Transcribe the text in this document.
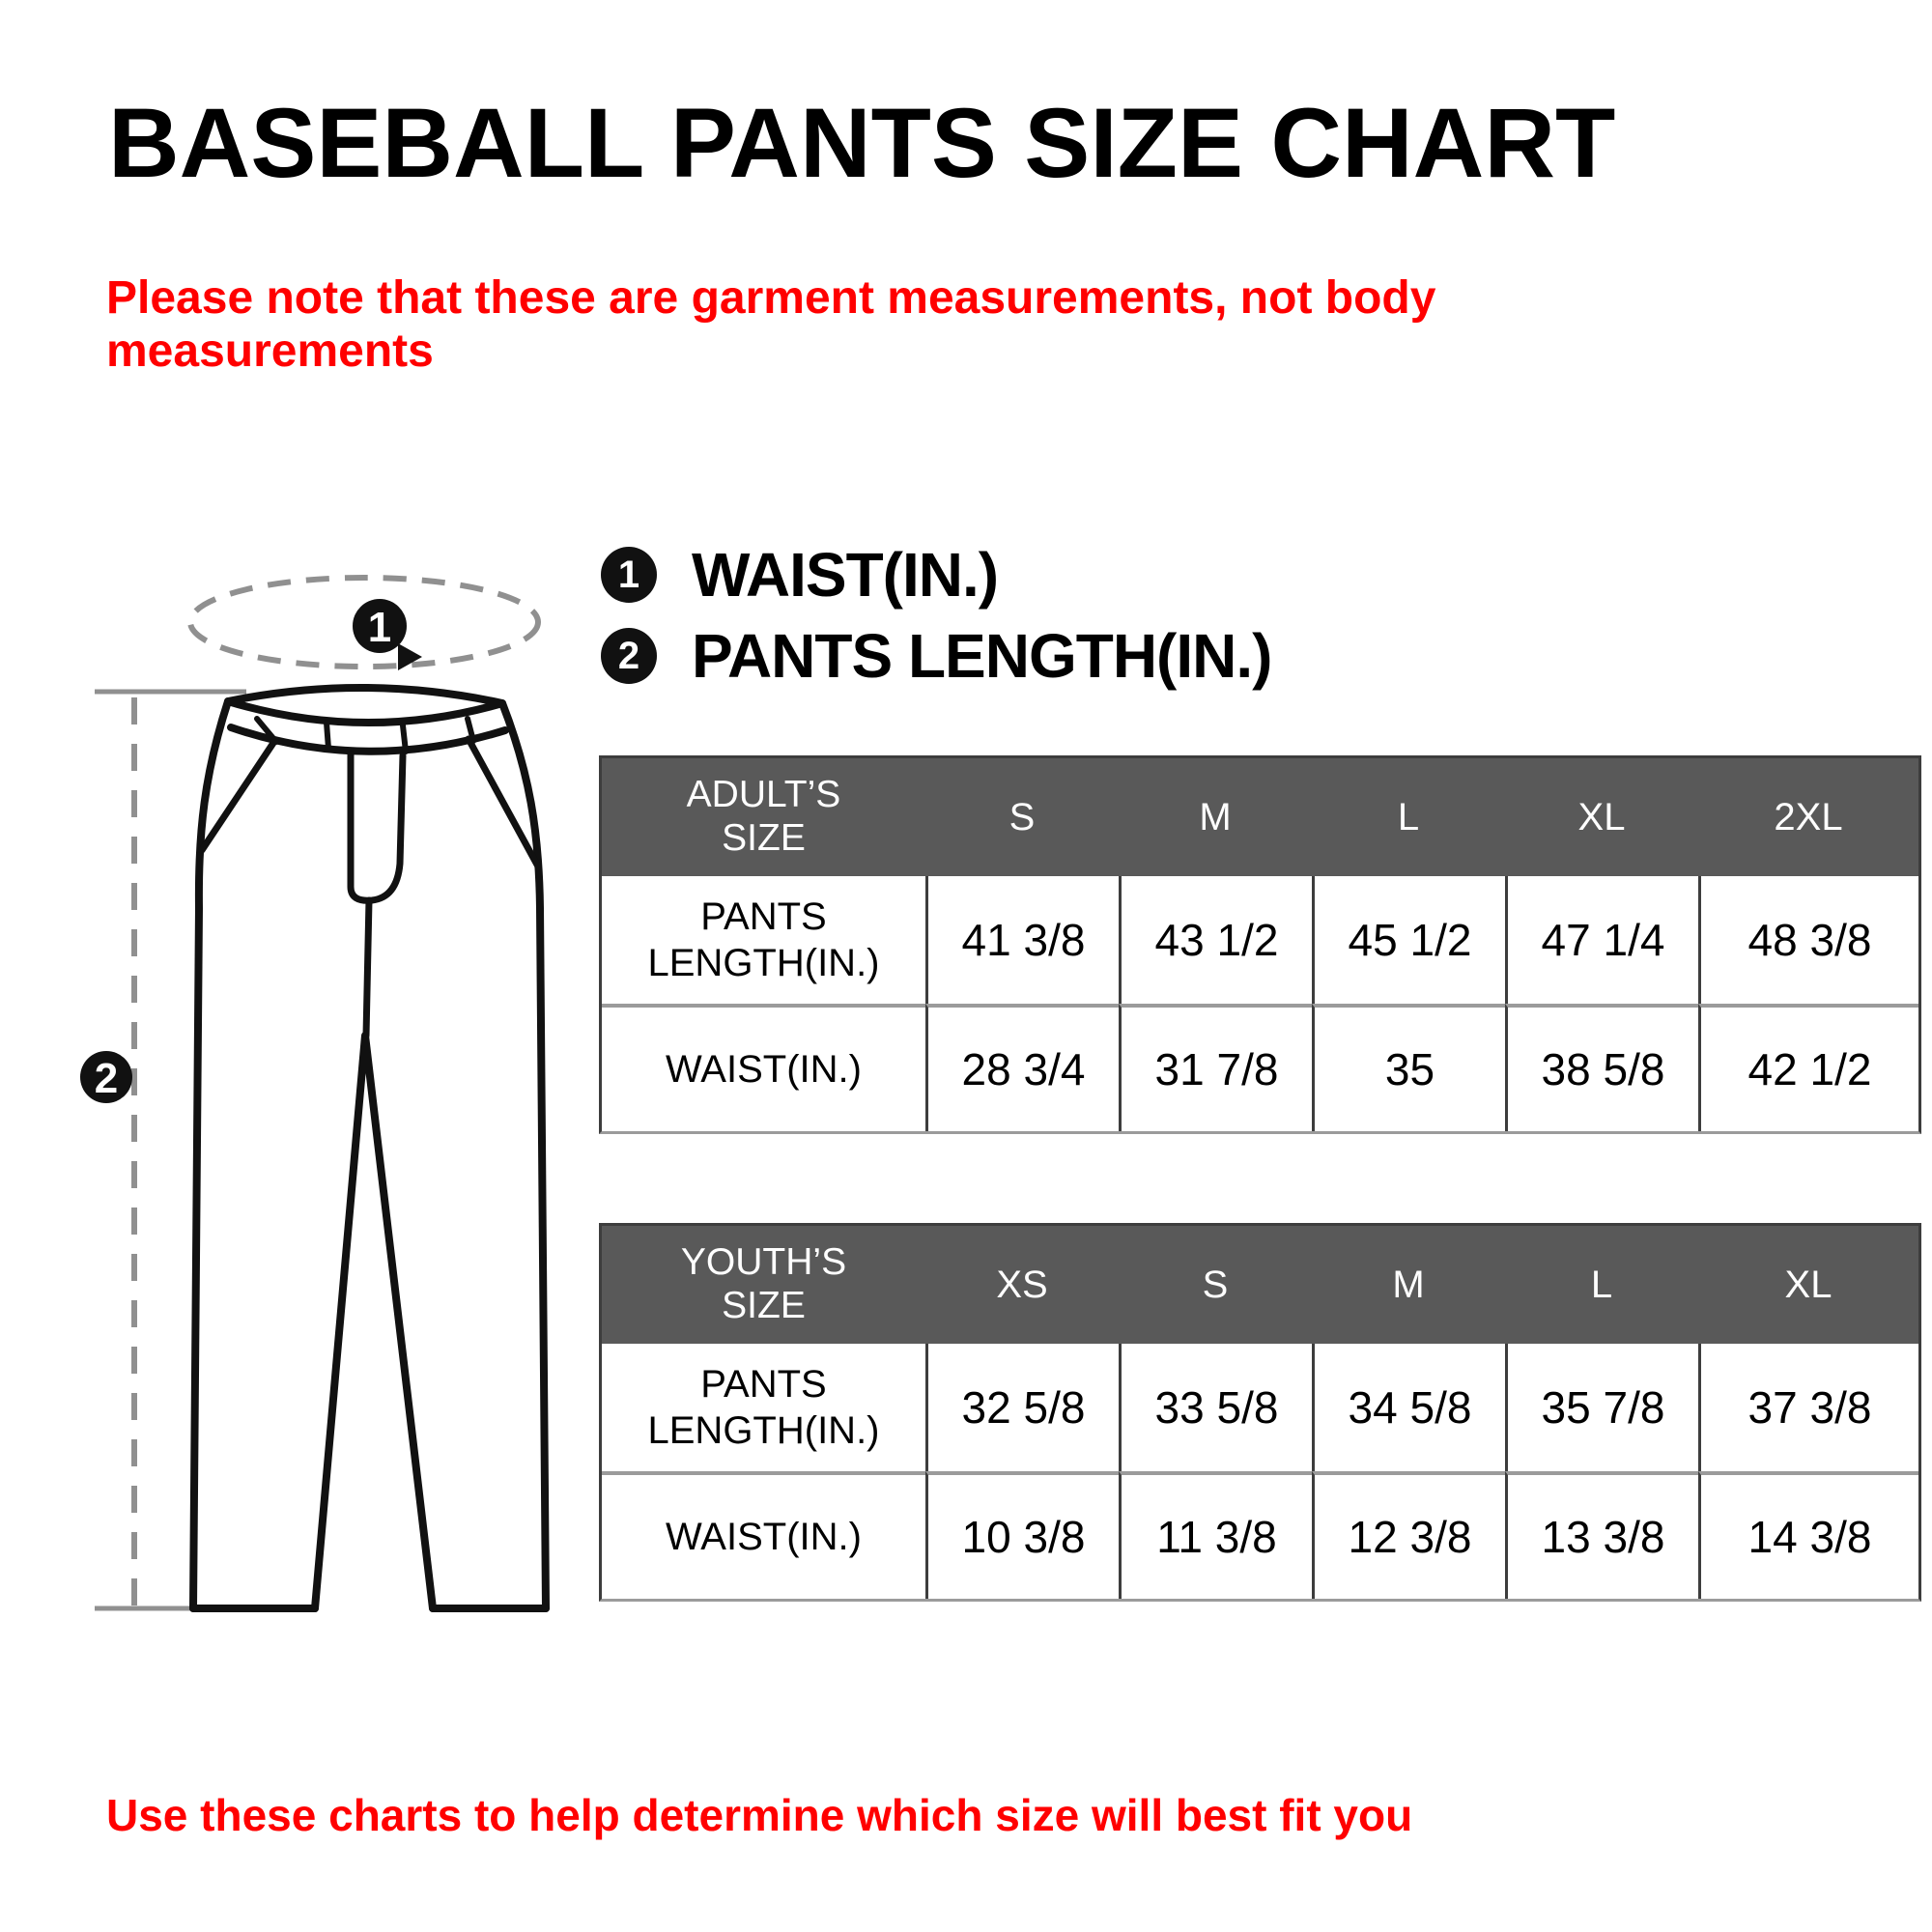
BASEBALL PANTS SIZE CHART
Please note that these are garment measurements, not body measurements
1
2
1 WAIST(IN.)
2 PANTS LENGTH(IN.)
ADULT’S SIZE	S	M	L	XL	2XL
PANTS LENGTH(IN.)	41 3/8	43 1/2	45 1/2	47 1/4	48 3/8
WAIST(IN.)	28 3/4	31 7/8	35	38 5/8	42 1/2
YOUTH’S SIZE	XS	S	M	L	XL
PANTS LENGTH(IN.)	32 5/8	33 5/8	34 5/8	35 7/8	37 3/8
WAIST(IN.)	10 3/8	11 3/8	12 3/8	13 3/8	14 3/8
Use these charts to help determine which size will best fit you
